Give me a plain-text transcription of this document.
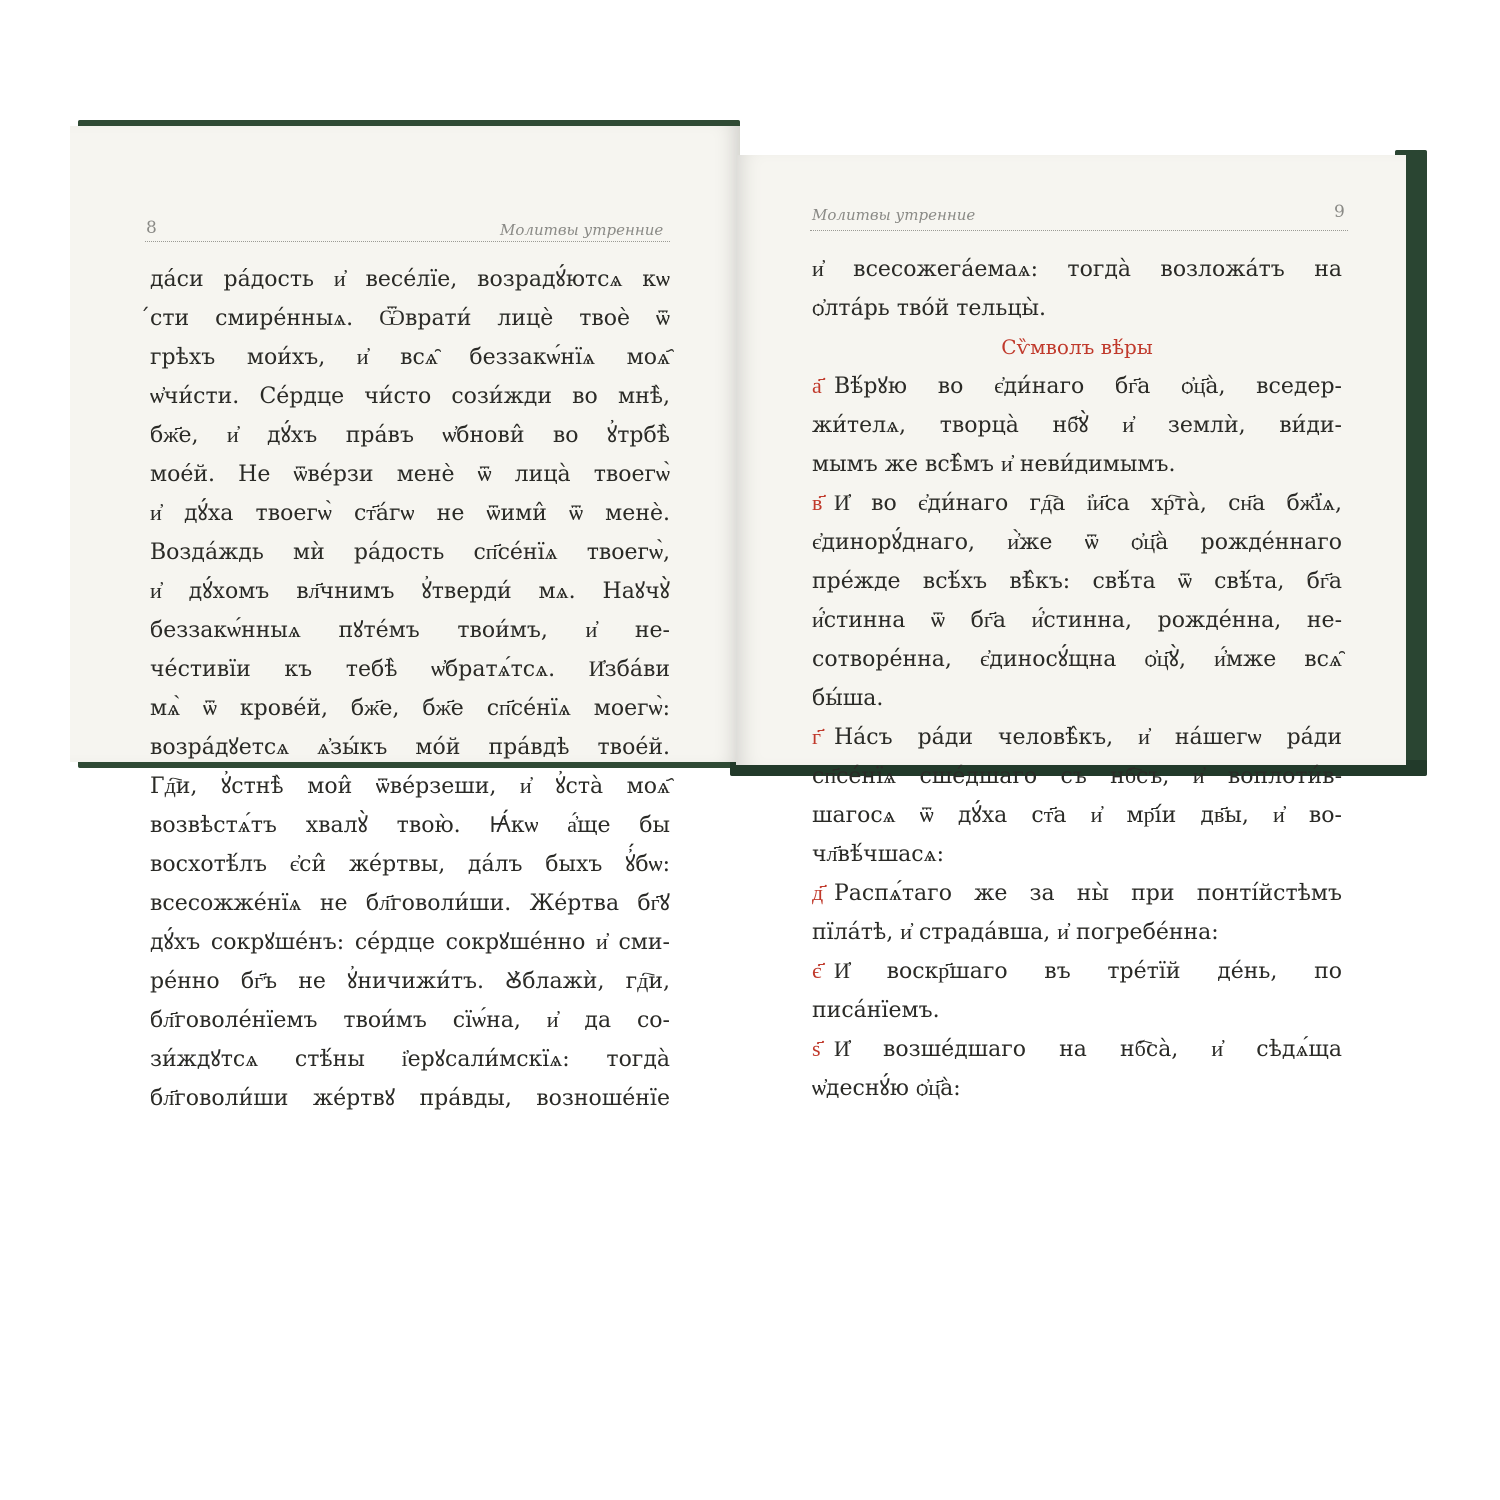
8	Молитвы утренние
Молитвы утренние	9
дáси рáдость и҆ весе́лїе, возрадꙋ́ютсѧ кѡ
́сти смире́нныѧ. Ѿврати́ лицѐ твоѐ ѿ
грѣхъ мои́хъ, и҆ всѧ̑ беззакѡ́нїѧ моѧ҄
ѡ҆чи́сти. Се́рдце чи́сто сози́жди во мнѣ̀,
бж҃е, и҆ дꙋ́хъ пра́въ ѡ҆бнови̂ во ꙋ҆трбѣ̀
моéй. Не ѿве́рзи менѐ ѿ лица̀ твоегѡ̀
и҆ дꙋ́ха твоегѡ̀ ст҃а́гѡ не ѿими̂ ѿ менѐ.
Возда́ждь мѝ ра́дость сп҃се́нїѧ твоегѡ̀,
и҆ дꙋ́хомъ вл҃чнимъ ꙋ҆тверди́ мѧ. Наꙋчꙋ̀
беззакѡ́нныѧ пꙋте́мъ твои́мъ, и҆ не-
че́стивїи къ тебѣ̀ ѡ҆братѧ́тсѧ. И҆зба́ви
мѧ̀ ѿ крове́й, бж҃е, бж҃е сп҃се́нїѧ моегѡ̀:
возра́дꙋетсѧ ѧ҆зы́къ мо́й пра́вдѣ твое́й.
Гд҇и, ꙋ҆стнѣ̀ мои̂ ѿве́рзеши, и҆ ꙋ҆ста̀ моѧ҄
возвѣстѧ́тъ хвалꙋ̀ твою̀. Ꙗ҆́кѡ а҆́ще бы
восхотѣ́лъ є҆си̂ же́ртвы, да́лъ быхъ ꙋ҆́бѡ:
всесожже́нїѧ не бл҃говоли́ши. Же́ртва бг҃ꙋ
дꙋ́хъ сокрꙋше́нъ: се́рдце сокрꙋше́нно и҆ сми-
ре́нно бг҃ъ не ꙋ҆ничижи́тъ. Ꙋ҆блажѝ, гд҇и,
бл҃говоле́нїемъ твои́мъ сїѡ́на, и҆ да со-
зи́ждꙋтсѧ стѣ́ны і҆ерꙋсали́мскїѧ: тогда̀
бл҃говоли́ши же́ртвꙋ пра́вды, возноше́нїе
и҆ всесожега́емаѧ: тогда̀ возложа́тъ на
ѻ҆лта́рь тво́й тельцы̀.
Сѷмволъ вѣ́ры
а҃ Вѣ́рꙋю во є҆ди́наго бг҃а ѻ҆ц҃а̀, вседер-
жи́телѧ, творца̀ нб҃ꙋ̀ и҆ землѝ, ви́ди-
мымъ же всѣ̂мъ и҆ неви́димымъ.
в҃ И҆ во є҆ди́наго гд҇а і҆и҃са хр҇та̀, сн҃а бж҃їѧ,
є҆динорꙋ́днаго, и҆̀же ѿ ѻ҆ц҃а̀ рожде́ннаго
пре́жде всѣ́хъ вѣ̂къ: свѣ́та ѿ свѣ́та, бг҃а
и҆́стинна ѿ бг҃а и҆́стинна, рожде́нна, не-
сотворе́нна, є҆диносꙋ́щна ѻ҆ц҃ꙋ̀, и҆́мже всѧ̑
бы́ша.
г҃ На́съ ра́ди человѣ̂къ, и҆ на́шегѡ ра́ди
сп҃се́нїѧ сше́дшаго съ нб҇съ, и҆ воплоти́в-
шагосѧ ѿ дꙋ́ха ст҃а и҆ мр҃і́и дв҃ы, и҆ во-
чл҃вѣ́чшасѧ:
д҃ Распѧ́таго же за ны̀ при понті́йстѣмъ
пїла́тѣ, и҆ страда́вша, и҆ погребе́нна:
є҃ И҆ воскр҃шаго въ тре́тїй де́нь, по
писа́нїемъ.
ѕ҃ И҆ возше́дшаго на нб҇са̀, и҆ сѣдѧ́ща
ѡ҆деснꙋ́ю ѻ҆ц҃а̀:
